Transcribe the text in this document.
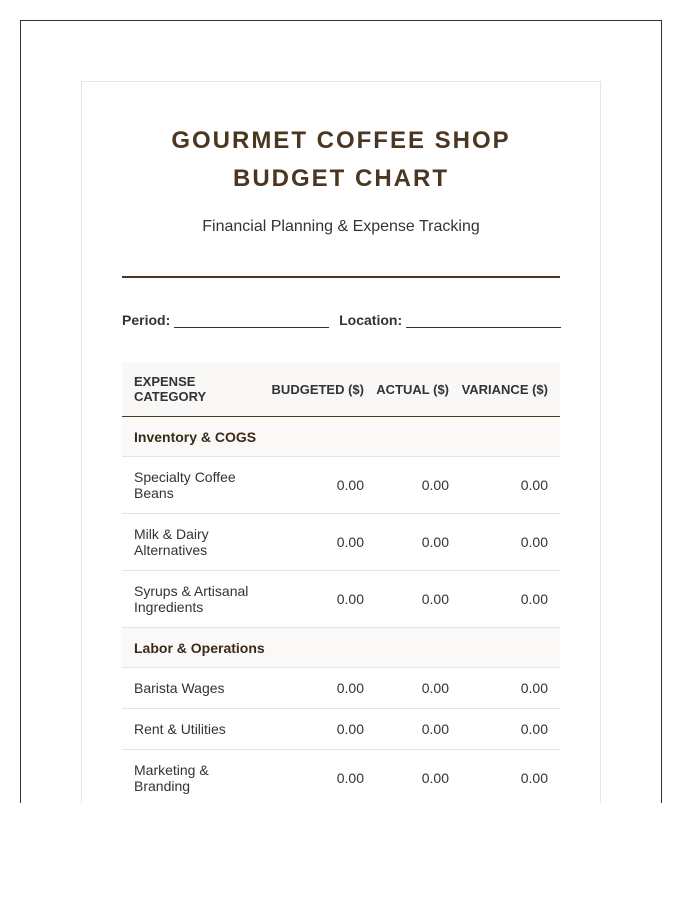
GOURMET COFFEE SHOP
BUDGET CHART

Financial Planning & Expense Tracking

Period:	Location:
EXPENSE CATEGORY	BUDGETED ($) ACTUAL ($) VARIANCE ($)
Inventory & COGS
Specialty Coffee Beans	0.00	0.00	0.00
Milk & Dairy Alternatives	0.00	0.00	0.00
Syrups & Artisanal Ingredients	0.00	0.00	0.00
Labor & Operations
Barista Wages	0.00	0.00	0.00
Rent & Utilities	0.00	0.00	0.00
Marketing & Branding	0.00	0.00	0.00
